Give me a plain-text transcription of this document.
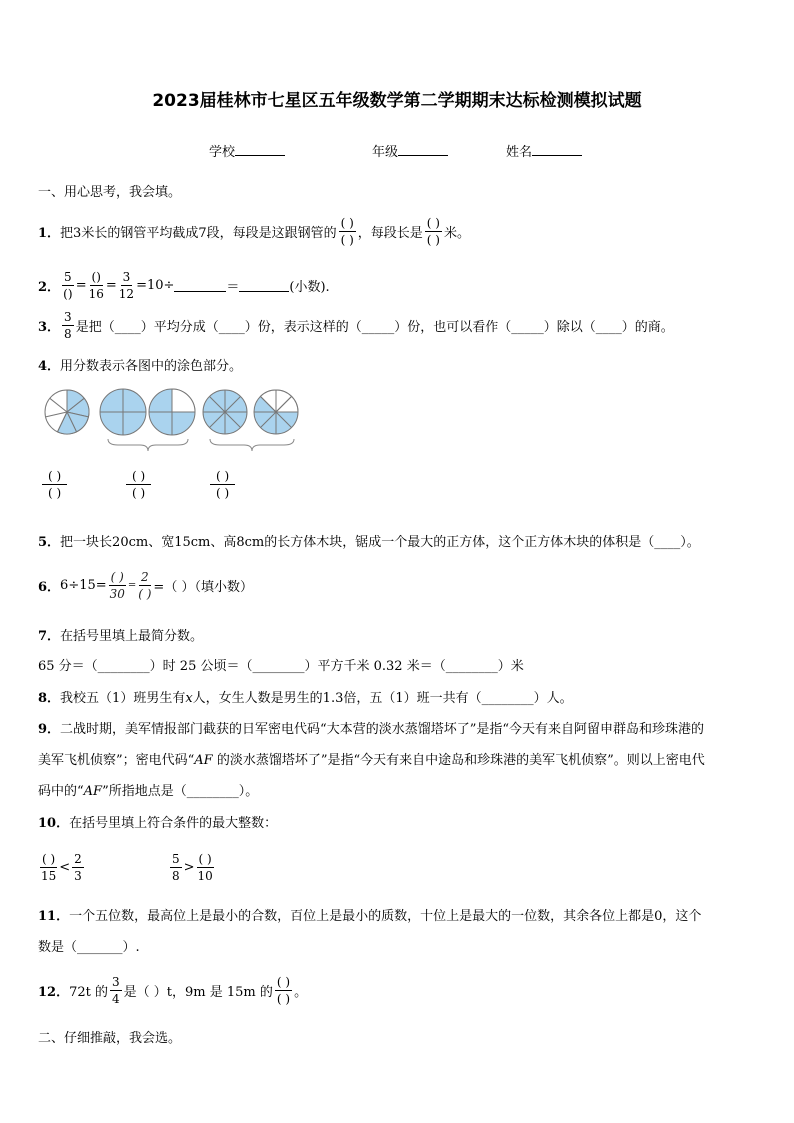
2023届桂林市七星区五年级数学第二学期期末达标检测模拟试题
学校	年级	姓名
一、用心思考，我会填。
1． 把3米长的钢管平均截成7段，每段是这跟钢管的 $\frac{( )}{( )}$ ，每段长是 $\frac{( )}{( )}$ 米。
2． $\frac{5}{()} = \frac{()}{16} = \frac{3}{12} =10\div$	＝	(小数).
3． $\frac{3}{8}$ 是把（____）平均分成（____）份，表示这样的（_____）份，也可以看作（_____）除以（____）的商。
4．用分数表示各图中的涂色部分。
$\frac{( )}{( )}$	$\frac{( )}{( )}$	$\frac{( )}{( )}$
5．把一块长20cm、宽15cm、高8cm的长方体木块，锯成一个最大的正方体，这个正方体木块的体积是（____）。
6． $6\div 15= \frac{( )}{30} = \frac{2}{( )}$ =（ ）（填小数）
7．在括号里填上最简分数。
65 分＝（________）时 25 公顷＝（________）平方千米 0.32 米＝（________）米
8．我校五（1）班男生有x人，女生人数是男生的1.3倍，五（1）班一共有（________）人。
9．二战时期，美军情报部门截获的日军密电代码“大本营的淡水蒸馏塔坏了”是指“今天有来自阿留申群岛和珍珠港的
美军飞机侦察”；密电代码“AF 的淡水蒸馏塔坏了”是指“今天有来自中途岛和珍珠港的美军飞机侦察”。则以上密电代
码中的“AF”所指地点是（________）。
10．在括号里填上符合条件的最大整数：
$\frac{( )}{15} < \frac{2}{3}$	$\frac{5}{8} > \frac{( )}{10}$
11．一个五位数，最高位上是最小的合数，百位上是最小的质数，十位上是最大的一位数，其余各位上都是0，这个
数是（_______）.
12． 72t 的 $\frac{3}{4}$ 是（ ）t，9m 是 15m 的 $\frac{( )}{( )}$ 。
二、仔细推敲，我会选。
